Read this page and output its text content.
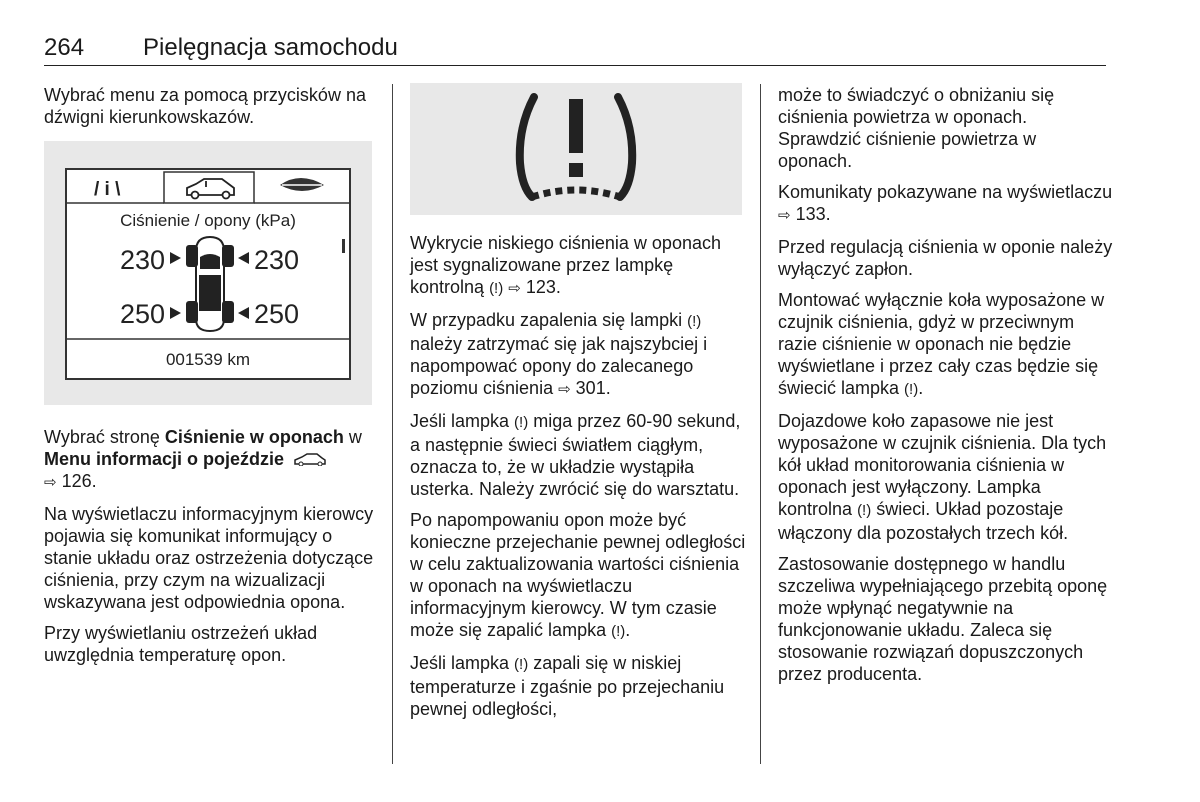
264 Pielęgnacja samochodu

Wybrać menu za pomocą przycisków na dźwigni kierunkowskazów.

/ i \
Ciśnienie / opony (kPa)
230	230
250	250
001539 km

Wybrać stronę Ciśnienie w oponach w Menu informacji o pojeździe
⇨ 126.

Na wyświetlaczu informacyjnym kierowcy pojawia się komunikat informujący o stanie układu oraz ostrzeżenia dotyczące ciśnienia, przy czym na wizualizacji wskazywana jest odpowiednia opona.

Przy wyświetlaniu ostrzeżeń układ uwzględnia temperaturę opon.

Wykrycie niskiego ciśnienia w oponach jest sygnalizowane przez lampkę kontrolną (!) ⇨ 123.

W przypadku zapalenia się lampki (!) należy zatrzymać się jak najszybciej i napompować opony do zalecanego poziomu ciśnienia ⇨ 301.

Jeśli lampka (!) miga przez 60-90 sekund, a następnie świeci światłem ciągłym, oznacza to, że w układzie wystąpiła usterka. Należy zwrócić się do warsztatu.

Po napompowaniu opon może być konieczne przejechanie pewnej odległości w celu zaktualizowania wartości ciśnienia w oponach na wyświetlaczu informacyjnym kierowcy. W tym czasie może się zapalić lampka (!).

Jeśli lampka (!) zapali się w niskiej temperaturze i zgaśnie po przejechaniu pewnej odległości,

może to świadczyć o obniżaniu się ciśnienia powietrza w oponach. Sprawdzić ciśnienie powietrza w oponach.

Komunikaty pokazywane na wyświetlaczu ⇨ 133.

Przed regulacją ciśnienia w oponie należy wyłączyć zapłon.

Montować wyłącznie koła wyposażone w czujnik ciśnienia, gdyż w przeciwnym razie ciśnienie w oponach nie będzie wyświetlane i przez cały czas będzie się świecić lampka (!).

Dojazdowe koło zapasowe nie jest wyposażone w czujnik ciśnienia. Dla tych kół układ monitorowania ciśnienia w oponach jest wyłączony. Lampka kontrolna (!) świeci. Układ pozostaje włączony dla pozostałych trzech kół.

Zastosowanie dostępnego w handlu szczeliwa wypełniającego przebitą oponę może wpłynąć negatywnie na funkcjonowanie układu. Zaleca się stosowanie rozwiązań dopuszczonych przez producenta.
